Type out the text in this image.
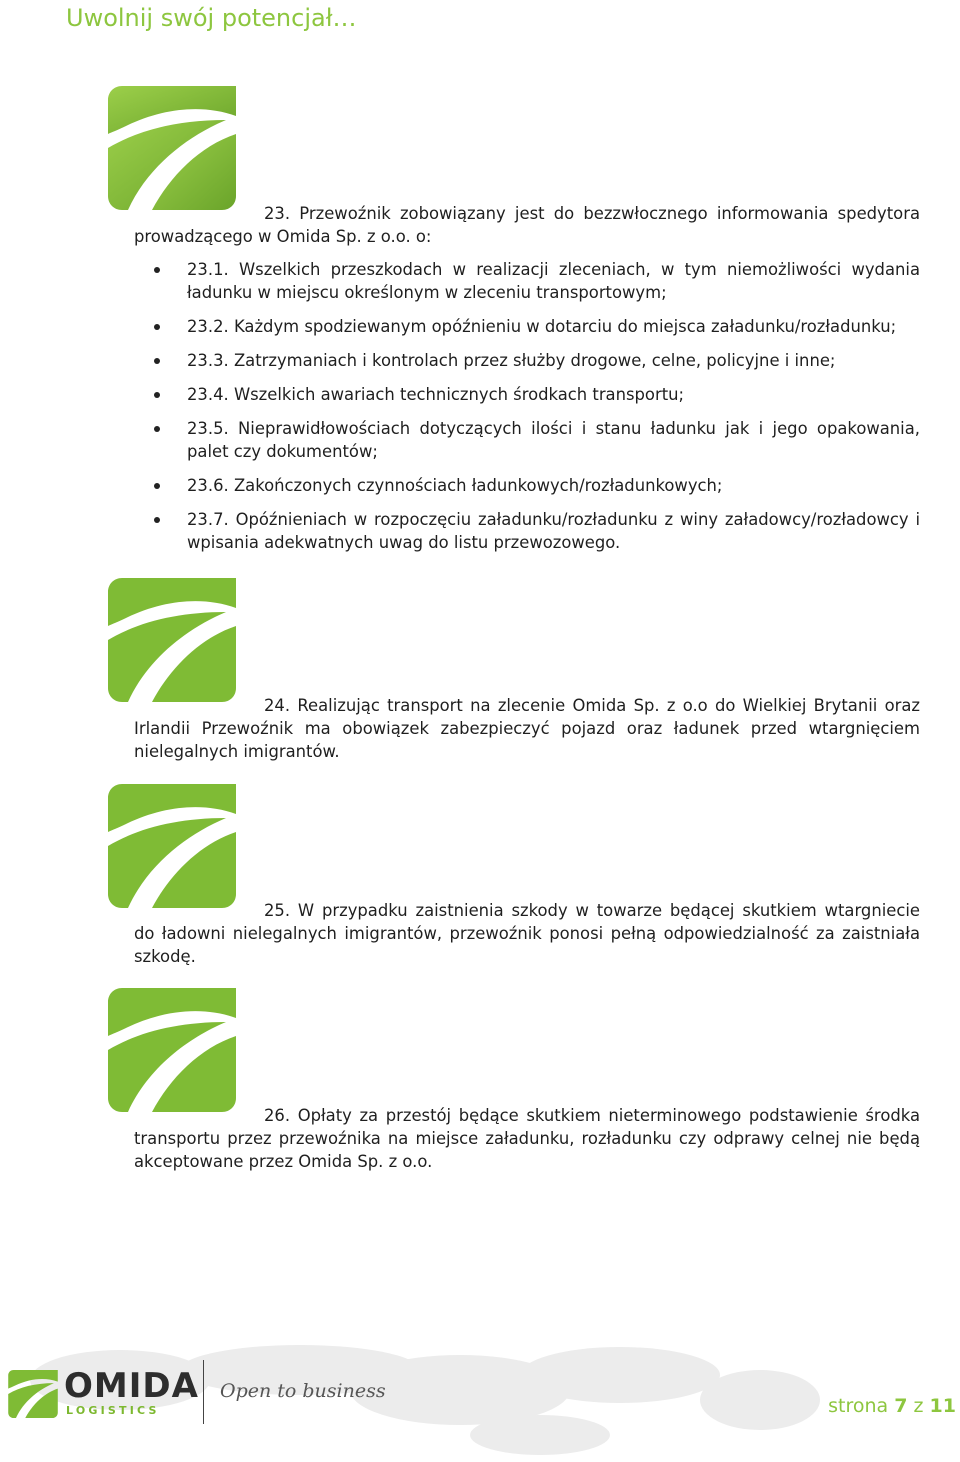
Uwolnij swój potencjał…

23. Przewoźnik zobowiązany jest do bezzwłocznego informowania spedytora prowadzącego w Omida Sp. z o.o. o:

23.1. Wszelkich przeszkodach w realizacji zleceniach, w tym niemożliwości wydania ładunku w miejscu określonym w zleceniu transportowym;
23.2. Każdym spodziewanym opóźnieniu w dotarciu do miejsca załadunku/rozładunku;
23.3. Zatrzymaniach i kontrolach przez służby drogowe, celne, policyjne i inne;
23.4. Wszelkich awariach technicznych środkach transportu;
23.5. Nieprawidłowościach dotyczących ilości i stanu ładunku jak i jego opakowania, palet czy dokumentów;
23.6. Zakończonych czynnościach ładunkowych/rozładunkowych;
23.7. Opóźnieniach w rozpoczęciu załadunku/rozładunku z winy załadowcy/rozładowcy i wpisania adekwatnych uwag do listu przewozowego.

24. Realizując transport na zlecenie Omida Sp. z o.o do Wielkiej Brytanii oraz Irlandii Przewoźnik ma obowiązek zabezpieczyć pojazd oraz ładunek przed wtargnięciem nielegalnych imigrantów.

25. W przypadku zaistnienia szkody w towarze będącej skutkiem wtargniecie do ładowni nielegalnych imigrantów, przewoźnik ponosi pełną odpowiedzialność za zaistniała szkodę.

26. Opłaty za przestój będące skutkiem nieterminowego podstawienie środka transportu przez przewoźnika na miejsce załadunku, rozładunku czy odprawy celnej nie będą akceptowane przez Omida Sp. z o.o.

OMIDA
LOGISTICS
Open to business
strona 7 z 11
